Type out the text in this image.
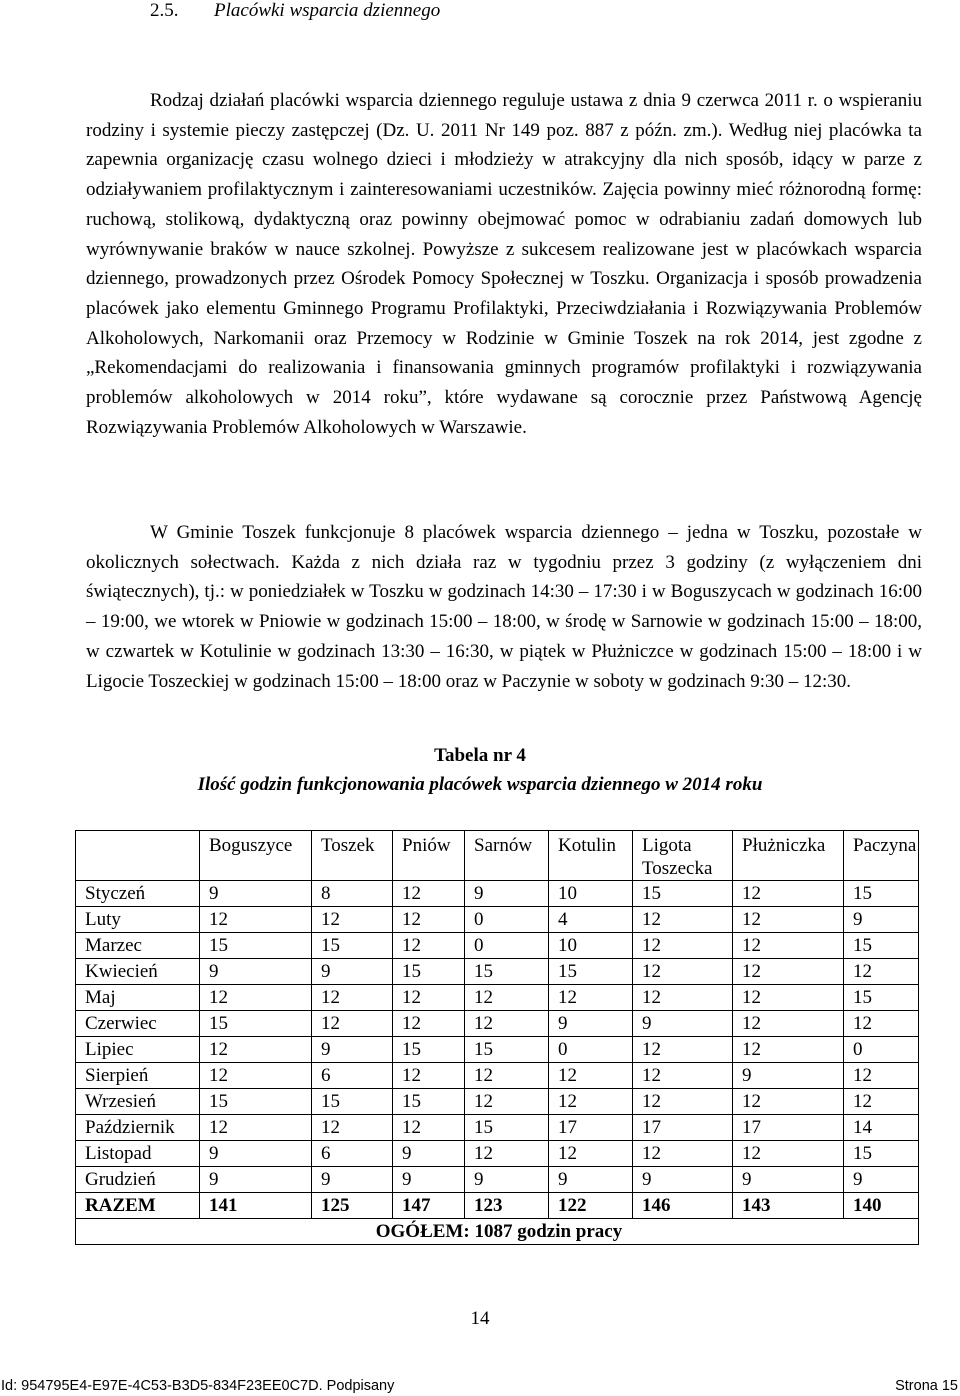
2.5. Placówki wsparcia dziennego

Rodzaj działań placówki wsparcia dziennego reguluje ustawa z dnia 9 czerwca 2011 r. o wspieraniu rodziny i systemie pieczy zastępczej (Dz. U. 2011 Nr 149 poz. 887 z późn. zm.). Według niej placówka ta zapewnia organizację czasu wolnego dzieci i młodzieży w atrakcyjny dla nich sposób, idący w parze z odziaływaniem profilaktycznym i zainteresowaniami uczestników. Zajęcia powinny mieć różnorodną formę: ruchową, stolikową, dydaktyczną oraz powinny obejmować pomoc w odrabianiu zadań domowych lub wyrównywanie braków w nauce szkolnej. Powyższe z sukcesem realizowane jest w placówkach wsparcia dziennego, prowadzonych przez Ośrodek Pomocy Społecznej w Toszku. Organizacja i sposób prowadzenia placówek jako elementu Gminnego Programu Profilaktyki, Przeciwdziałania i Rozwiązywania Problemów Alkoholowych, Narkomanii oraz Przemocy w Rodzinie w Gminie Toszek na rok 2014, jest zgodne z „Rekomendacjami do realizowania i finansowania gminnych programów profilaktyki i rozwiązywania problemów alkoholowych w 2014 roku”, które wydawane są corocznie przez Państwową Agencję Rozwiązywania Problemów Alkoholowych w Warszawie.

W Gminie Toszek funkcjonuje 8 placówek wsparcia dziennego – jedna w Toszku, pozostałe w okolicznych sołectwach. Każda z nich działa raz w tygodniu przez 3 godziny (z wyłączeniem dni świątecznych), tj.: w poniedziałek w Toszku w godzinach 14:30 – 17:30 i w Boguszycach w godzinach 16:00 – 19:00, we wtorek w Pniowie w godzinach 15:00 – 18:00, w środę w Sarnowie w godzinach 15:00 – 18:00, w czwartek w Kotulinie w godzinach 13:30 – 16:30, w piątek w Płużniczce w godzinach 15:00 – 18:00 i w Ligocie Toszeckiej w godzinach 15:00 – 18:00 oraz w Paczynie w soboty w godzinach 9:30 – 12:30.

Tabela nr 4
Ilość godzin funkcjonowania placówek wsparcia dziennego w 2014 roku
	Boguszyce	Toszek	Pniów	Sarnów	Kotulin	Ligota Toszecka	Płużniczka	Paczyna
Styczeń	9	8	12	9	10	15	12	15
Luty	12	12	12	0	4	12	12	9
Marzec	15	15	12	0	10	12	12	15
Kwiecień	9	9	15	15	15	12	12	12
Maj	12	12	12	12	12	12	12	15
Czerwiec	15	12	12	12	9	9	12	12
Lipiec	12	9	15	15	0	12	12	0
Sierpień	12	6	12	12	12	12	9	12
Wrzesień	15	15	15	12	12	12	12	12
Październik	12	12	12	15	17	17	17	14
Listopad	9	6	9	12	12	12	12	15
Grudzień	9	9	9	9	9	9	9	9
RAZEM	141	125	147	123	122	146	143	140
OGÓŁEM: 1087 godzin pracy								
14
Id: 954795E4-E97E-4C53-B3D5-834F23EE0C7D. Podpisany	Strona 15
